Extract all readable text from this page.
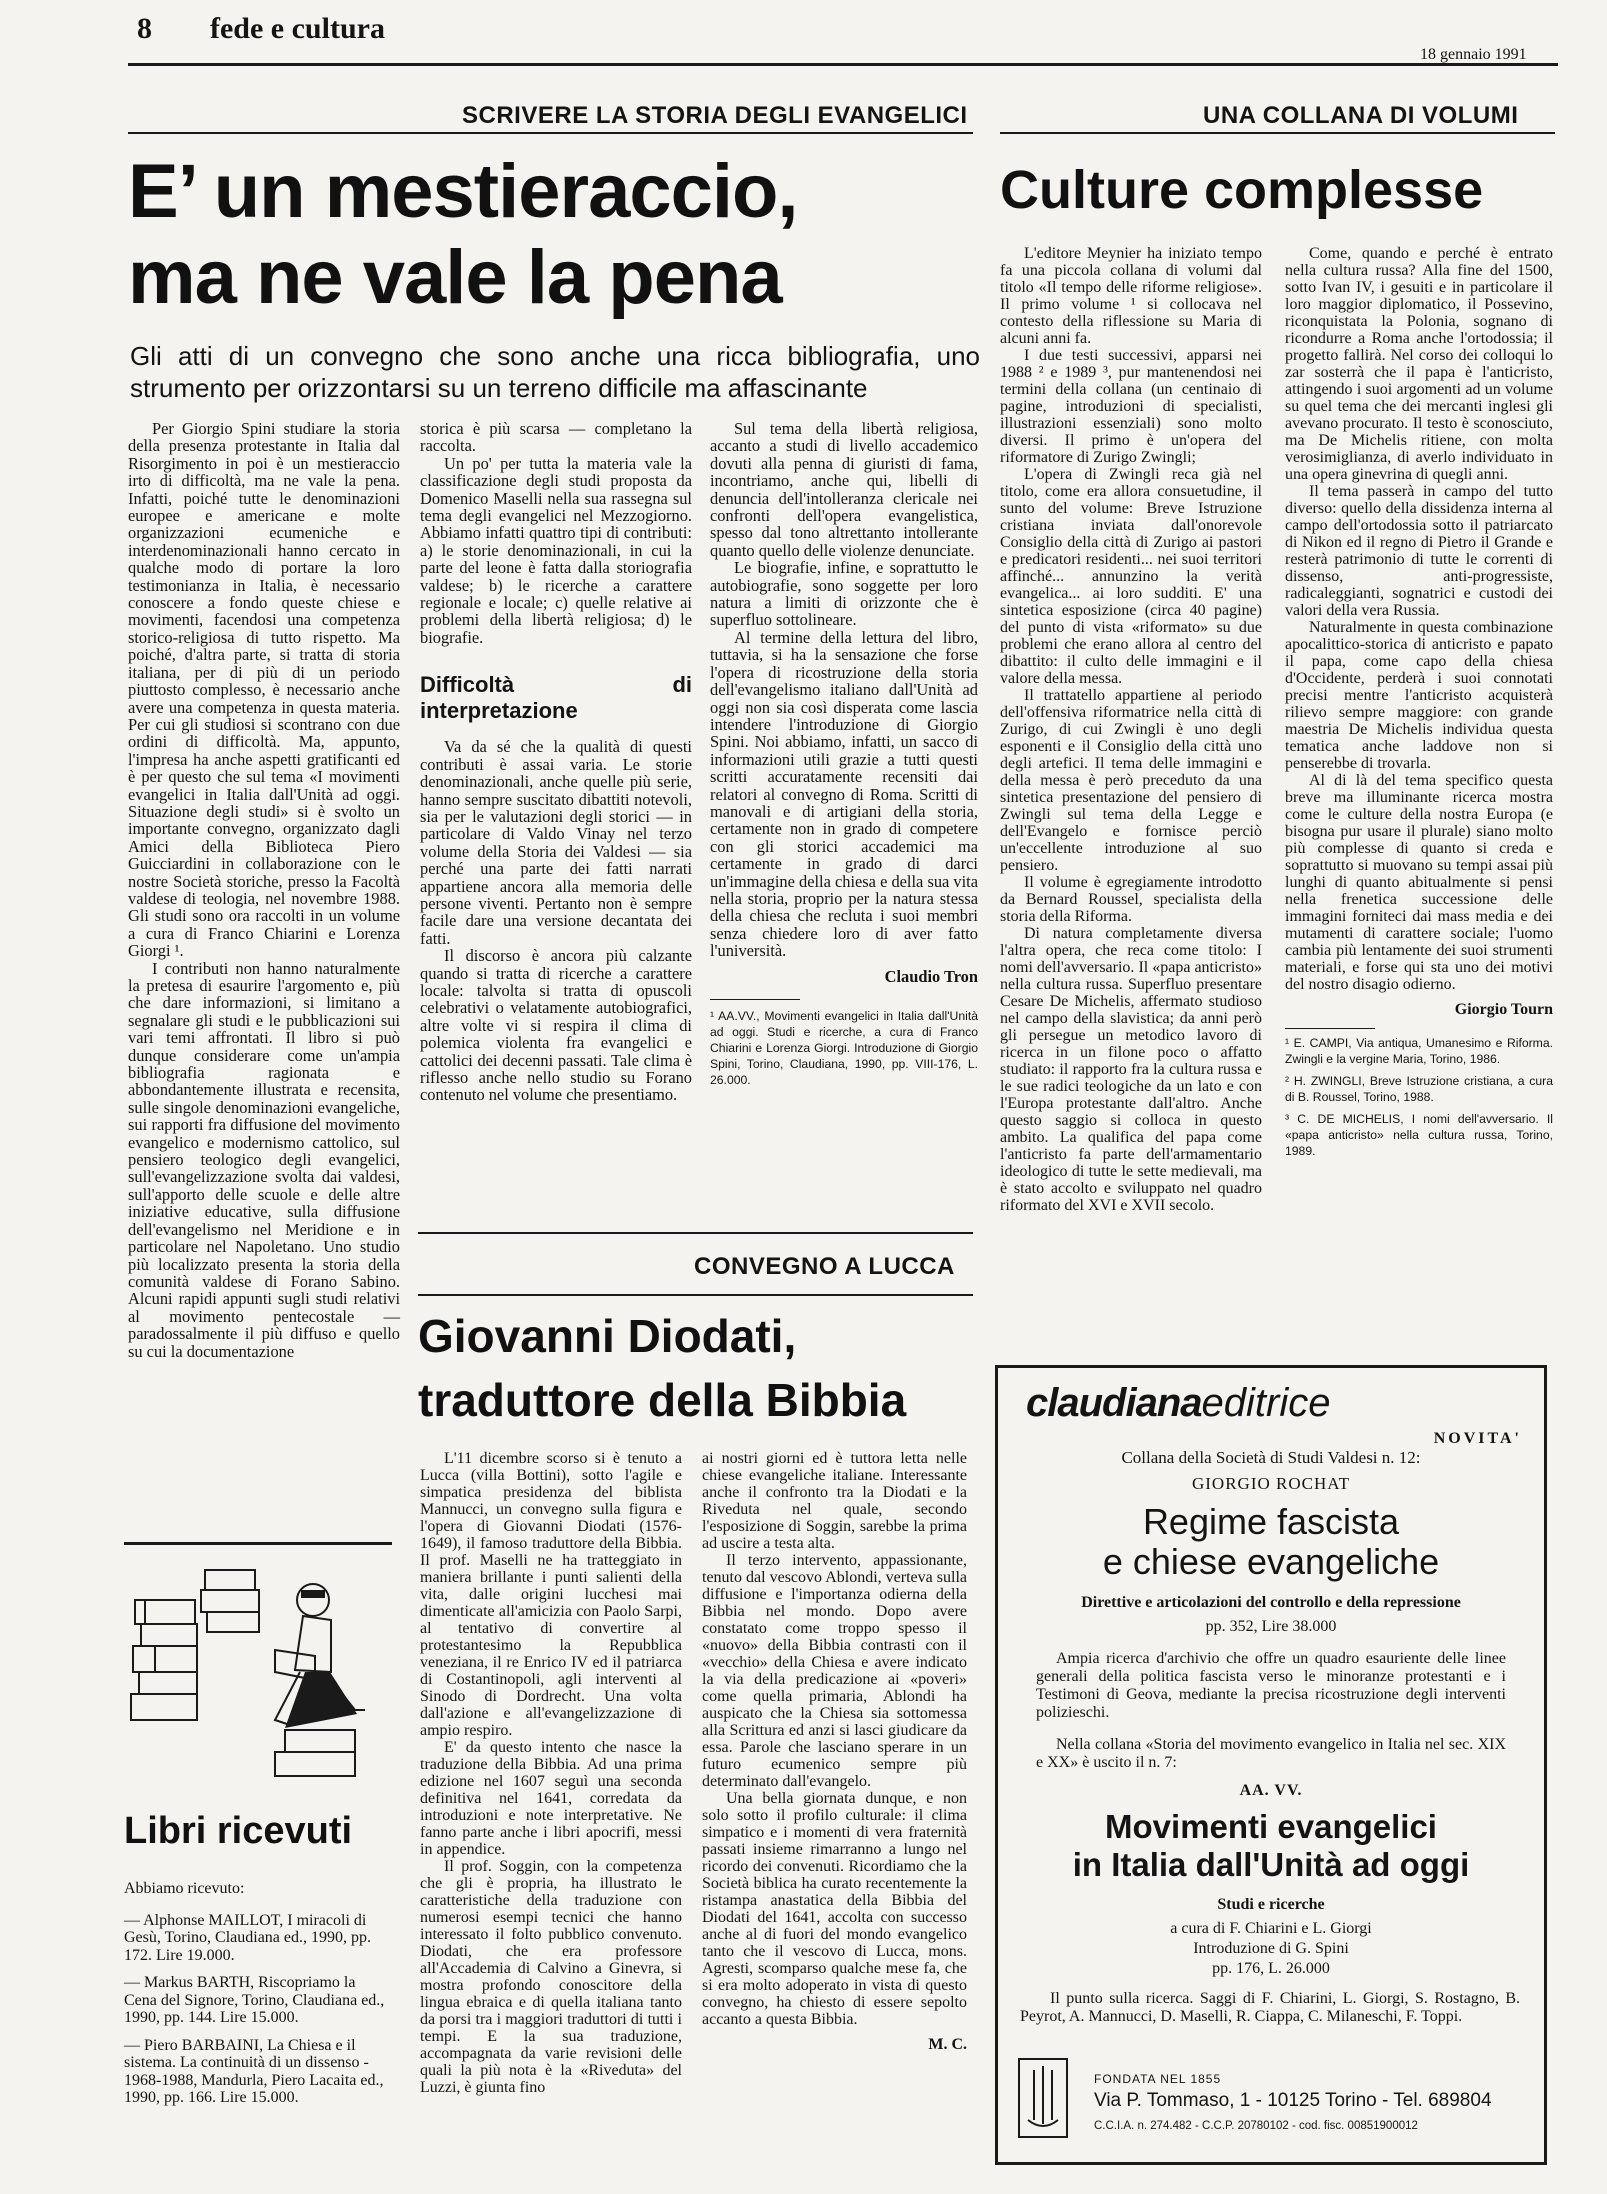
8 fede e cultura
18 gennaio 1991
SCRIVERE LA STORIA DEGLI EVANGELICI	UNA COLLANA DI VOLUMI
E’ un mestieraccio,
ma ne vale la pena
Gli atti di un convegno che sono anche una ricca bibliografia, uno strumento per orizzontarsi su un terreno difficile ma affascinante

Per Giorgio Spini studiare la storia della presenza protestante in Italia dal Risorgimento in poi è un mestieraccio irto di difficoltà, ma ne vale la pena. Infatti, poiché tutte le denominazioni europee e americane e molte organizzazioni ecumeniche e interdenominazionali hanno cercato in qualche modo di portare la loro testimonianza in Italia, è necessario conoscere a fondo queste chiese e movimenti, facendosi una competenza storico-religiosa di tutto rispetto. Ma poiché, d'altra parte, si tratta di storia italiana, per di più di un periodo piuttosto complesso, è necessario anche avere una competenza in questa materia. Per cui gli studiosi si scontrano con due ordini di difficoltà. Ma, appunto, l'impresa ha anche aspetti gratificanti ed è per questo che sul tema «I movimenti evangelici in Italia dall'Unità ad oggi. Situazione degli studi» si è svolto un importante convegno, organizzato dagli Amici della Biblioteca Piero Guicciardini in collaborazione con le nostre Società storiche, presso la Facoltà valdese di teologia, nel novembre 1988. Gli studi sono ora raccolti in un volume a cura di Franco Chiarini e Lorenza Giorgi ¹.

I contributi non hanno naturalmente la pretesa di esaurire l'argomento e, più che dare informazioni, si limitano a segnalare gli studi e le pubblicazioni sui vari temi affrontati. Il libro si può dunque considerare come un'ampia bibliografia ragionata e abbondantemente illustrata e recensita, sulle singole denominazioni evangeliche, sui rapporti fra diffusione del movimento evangelico e modernismo cattolico, sul pensiero teologico degli evangelici, sull'evangelizzazione svolta dai valdesi, sull'apporto delle scuole e delle altre iniziative educative, sulla diffusione dell'evangelismo nel Meridione e in particolare nel Napoletano. Uno studio più localizzato presenta la storia della comunità valdese di Forano Sabino. Alcuni rapidi appunti sugli studi relativi al movimento pentecostale — paradossalmente il più diffuso e quello su cui la documentazione

storica è più scarsa — completano la raccolta.

Un po' per tutta la materia vale la classificazione degli studi proposta da Domenico Maselli nella sua rassegna sul tema degli evangelici nel Mezzogiorno. Abbiamo infatti quattro tipi di contributi: a) le storie denominazionali, in cui la parte del leone è fatta dalla storiografia valdese; b) le ricerche a carattere regionale e locale; c) quelle relative ai problemi della libertà religiosa; d) le biografie.

Difficoltà di interpretazione

Va da sé che la qualità di questi contributi è assai varia. Le storie denominazionali, anche quelle più serie, hanno sempre suscitato dibattiti notevoli, sia per le valutazioni degli storici — in particolare di Valdo Vinay nel terzo volume della Storia dei Valdesi — sia perché una parte dei fatti narrati appartiene ancora alla memoria delle persone viventi. Pertanto non è sempre facile dare una versione decantata dei fatti.

Il discorso è ancora più calzante quando si tratta di ricerche a carattere locale: talvolta si tratta di opuscoli celebrativi o velatamente autobiografici, altre volte vi si respira il clima di polemica violenta fra evangelici e cattolici dei decenni passati. Tale clima è riflesso anche nello studio su Forano contenuto nel volume che presentiamo.

Sul tema della libertà religiosa, accanto a studi di livello accademico dovuti alla penna di giuristi di fama, incontriamo, anche qui, libelli di denuncia dell'intolleranza clericale nei confronti dell'opera evangelistica, spesso dal tono altrettanto intollerante quanto quello delle violenze denunciate.

Le biografie, infine, e soprattutto le autobiografie, sono soggette per loro natura a limiti di orizzonte che è superfluo sottolineare.

Al termine della lettura del libro, tuttavia, si ha la sensazione che forse l'opera di ricostruzione della storia dell'evangelismo italiano dall'Unità ad oggi non sia così disperata come lascia intendere l'introduzione di Giorgio Spini. Noi abbiamo, infatti, un sacco di informazioni utili grazie a tutti questi scritti accuratamente recensiti dai relatori al convegno di Roma. Scritti di manovali e di artigiani della storia, certamente non in grado di competere con gli storici accademici ma certamente in grado di darci un'immagine della chiesa e della sua vita nella storia, proprio per la natura stessa della chiesa che recluta i suoi membri senza chiedere loro di aver fatto l'università.

Claudio Tron
¹ AA.VV., Movimenti evangelici in Italia dall'Unità ad oggi. Studi e ricerche, a cura di Franco Chiarini e Lorenza Giorgi. Introduzione di Giorgio Spini, Torino, Claudiana, 1990, pp. VIII-176, L. 26.000.
Culture complesse

L'editore Meynier ha iniziato tempo fa una piccola collana di volumi dal titolo «Il tempo delle riforme religiose». Il primo volume ¹ si collocava nel contesto della riflessione su Maria di alcuni anni fa.

I due testi successivi, apparsi nei 1988 ² e 1989 ³, pur mantenendosi nei termini della collana (un centinaio di pagine, introduzioni di specialisti, illustrazioni essenziali) sono molto diversi. Il primo è un'opera del riformatore di Zurigo Zwingli;

L'opera di Zwingli reca già nel titolo, come era allora consuetudine, il sunto del volume: Breve Istruzione cristiana inviata dall'onorevole Consiglio della città di Zurigo ai pastori e predicatori residenti... nei suoi territori affinché... annunzino la verità evangelica... ai loro sudditi. E' una sintetica esposizione (circa 40 pagine) del punto di vista «riformato» su due problemi che erano allora al centro del dibattito: il culto delle immagini e il valore della messa.

Il trattatello appartiene al periodo dell'offensiva riformatrice nella città di Zurigo, di cui Zwingli è uno degli esponenti e il Consiglio della città uno degli artefici. Il tema delle immagini e della messa è però preceduto da una sintetica presentazione del pensiero di Zwingli sul tema della Legge e dell'Evangelo e fornisce perciò un'eccellente introduzione al suo pensiero.

Il volume è egregiamente introdotto da Bernard Roussel, specialista della storia della Riforma.

Di natura completamente diversa l'altra opera, che reca come titolo: I nomi dell'avversario. Il «papa anticristo» nella cultura russa. Superfluo presentare Cesare De Michelis, affermato studioso nel campo della slavistica; da anni però gli persegue un metodico lavoro di ricerca in un filone poco o affatto studiato: il rapporto fra la cultura russa e le sue radici teologiche da un lato e con l'Europa protestante dall'altro. Anche questo saggio si colloca in questo ambito. La qualifica del papa come l'anticristo fa parte dell'armamentario ideologico di tutte le sette medievali, ma è stato accolto e sviluppato nel quadro riformato del XVI e XVII secolo.

Come, quando e perché è entrato nella cultura russa? Alla fine del 1500, sotto Ivan IV, i gesuiti e in particolare il loro maggior diplomatico, il Possevino, riconquistata la Polonia, sognano di ricondurre a Roma anche l'ortodossia; il progetto fallirà. Nel corso dei colloqui lo zar sosterrà che il papa è l'anticristo, attingendo i suoi argomenti ad un volume su quel tema che dei mercanti inglesi gli avevano procurato. Il testo è sconosciuto, ma De Michelis ritiene, con molta verosimiglianza, di averlo individuato in una opera ginevrina di quegli anni.

Il tema passerà in campo del tutto diverso: quello della dissidenza interna al campo dell'ortodossia sotto il patriarcato di Nikon ed il regno di Pietro il Grande e resterà patrimonio di tutte le correnti di dissenso, anti-progressiste, radicaleggianti, sognatrici e custodi dei valori della vera Russia.

Naturalmente in questa combinazione apocalittico-storica di anticristo e papato il papa, come capo della chiesa d'Occidente, perderà i suoi connotati precisi mentre l'anticristo acquisterà rilievo sempre maggiore: con grande maestria De Michelis individua questa tematica anche laddove non si penserebbe di trovarla.

Al di là del tema specifico questa breve ma illuminante ricerca mostra come le culture della nostra Europa (e bisogna pur usare il plurale) siano molto più complesse di quanto si creda e soprattutto si muovano su tempi assai più lunghi di quanto abitualmente si pensi nella frenetica successione delle immagini forniteci dai mass media e dei mutamenti di carattere sociale; l'uomo cambia più lentamente dei suoi strumenti materiali, e forse qui sta uno dei motivi del nostro disagio odierno.

Giorgio Tourn

¹ E. CAMPI, Via antiqua, Umanesimo e Riforma. Zwingli e la vergine Maria, Torino, 1986.

² H. ZWINGLI, Breve Istruzione cristiana, a cura di B. Roussel, Torino, 1988.

³ C. DE MICHELIS, I nomi dell'avversario. Il «papa anticristo» nella cultura russa, Torino, 1989.

CONVEGNO A LUCCA
Giovanni Diodati,
traduttore della Bibbia

L'11 dicembre scorso si è tenuto a Lucca (villa Bottini), sotto l'agile e simpatica presidenza del biblista Mannucci, un convegno sulla figura e l'opera di Giovanni Diodati (1576-1649), il famoso traduttore della Bibbia. Il prof. Maselli ne ha tratteggiato in maniera brillante i punti salienti della vita, dalle origini lucchesi mai dimenticate all'amicizia con Paolo Sarpi, al tentativo di convertire al protestantesimo la Repubblica veneziana, il re Enrico IV ed il patriarca di Costantinopoli, agli interventi al Sinodo di Dordrecht. Una volta dall'azione e all'evangelizzazione di ampio respiro.

E' da questo intento che nasce la traduzione della Bibbia. Ad una prima edizione nel 1607 seguì una seconda definitiva nel 1641, corredata da introduzioni e note interpretative. Ne fanno parte anche i libri apocrifi, messi in appendice.

Il prof. Soggin, con la competenza che gli è propria, ha illustrato le caratteristiche della traduzione con numerosi esempi tecnici che hanno interessato il folto pubblico convenuto. Diodati, che era professore all'Accademia di Calvino a Ginevra, si mostra profondo conoscitore della lingua ebraica e di quella italiana tanto da porsi tra i maggiori traduttori di tutti i tempi. E la sua traduzione, accompagnata da varie revisioni delle quali la più nota è la «Riveduta» del Luzzi, è giunta fino

ai nostri giorni ed è tuttora letta nelle chiese evangeliche italiane. Interessante anche il confronto tra la Diodati e la Riveduta nel quale, secondo l'esposizione di Soggin, sarebbe la prima ad uscire a testa alta.

Il terzo intervento, appassionante, tenuto dal vescovo Ablondi, verteva sulla diffusione e l'importanza odierna della Bibbia nel mondo. Dopo avere constatato come troppo spesso il «nuovo» della Bibbia contrasti con il «vecchio» della Chiesa e avere indicato la via della predicazione ai «poveri» come quella primaria, Ablondi ha auspicato che la Chiesa sia sottomessa alla Scrittura ed anzi si lasci giudicare da essa. Parole che lasciano sperare in un futuro ecumenico sempre più determinato dall'evangelo.

Una bella giornata dunque, e non solo sotto il profilo culturale: il clima simpatico e i momenti di vera fraternità passati insieme rimarranno a lungo nel ricordo dei convenuti. Ricordiamo che la Società biblica ha curato recentemente la ristampa anastatica della Bibbia del Diodati del 1641, accolta con successo anche al di fuori del mondo evangelico tanto che il vescovo di Lucca, mons. Agresti, scomparso qualche mese fa, che si era molto adoperato in vista di questo convegno, ha chiesto di essere sepolto accanto a questa Bibbia.

M. C.
Libri ricevuti

Abbiamo ricevuto:

— Alphonse MAILLOT, I miracoli di Gesù, Torino, Claudiana ed., 1990, pp. 172. Lire 19.000.

— Markus BARTH, Riscopriamo la Cena del Signore, Torino, Claudiana ed., 1990, pp. 144. Lire 15.000.

— Piero BARBAINI, La Chiesa e il sistema. La continuità di un dissenso - 1968-1988, Mandurla, Piero Lacaita ed., 1990, pp. 166. Lire 15.000.

claudianaeditrice
NOVITA'
Collana della Società di Studi Valdesi n. 12:
GIORGIO ROCHAT
Regime fascista
e chiese evangeliche
Direttive e articolazioni del controllo e della repressione
pp. 352, Lire 38.000
Ampia ricerca d'archivio che offre un quadro esauriente delle linee generali della politica fascista verso le minoranze protestanti e i Testimoni di Geova, mediante la precisa ricostruzione degli interventi polizieschi.
Nella collana «Storia del movimento evangelico in Italia nel sec. XIX e XX» è uscito il n. 7:
AA. VV.
Movimenti evangelici
in Italia dall'Unità ad oggi
Studi e ricerche
a cura di F. Chiarini e L. Giorgi
Introduzione di G. Spini
pp. 176, L. 26.000
Il punto sulla ricerca. Saggi di F. Chiarini, L. Giorgi, S. Rostagno, B. Peyrot, A. Mannucci, D. Maselli, R. Ciappa, C. Milaneschi, F. Toppi.
FONDATA NEL 1855
Via P. Tommaso, 1 - 10125 Torino - Tel. 689804
C.C.I.A. n. 274.482 - C.C.P. 20780102 - cod. fisc. 00851900012
